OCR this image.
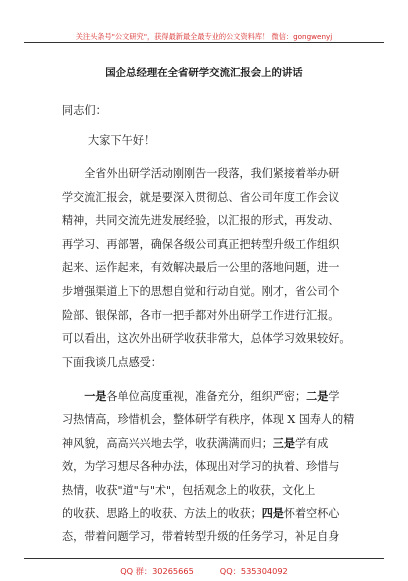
关注头条号"公文研究"，获得最新最全最专业的公文资料库！ 微信：gongwenyj
国企总经理在全省研学交流汇报会上的讲话
同志们：
大家下午好！
　　全省外出研学活动刚刚告一段落，我们紧接着举办研
学交流汇报会，就是要深入贯彻总、省公司年度工作会议
精神，共同交流先进发展经验，以汇报的形式，再发动、
再学习、再部署，确保各级公司真正把转型升级工作组织
起来、运作起来，有效解决最后一公里的落地问题，进一
步增强渠道上下的思想自觉和行动自觉。刚才，省公司个
险部、银保部，各市一把手都对外出研学工作进行汇报。
可以看出，这次外出研学收获非常大，总体学习效果较好。
下面我谈几点感受：
　　一是各单位高度重视，准备充分，组织严密；二是学
习热情高，珍惜机会，整体研学有秩序，体现 X 国寿人的精
神风貌，高高兴兴地去学，收获满满而归；三是学有成
效，为学习想尽各种办法，体现出对学习的执着、珍惜与
热情，收获"道"与"术"，包括观念上的收获，文化上
的收获、思路上的收获、方法上的收获；四是怀着空杯心
态，带着问题学习，带着转型升级的任务学习，补足自身
QQ 群：30265665          QQ：535304092
